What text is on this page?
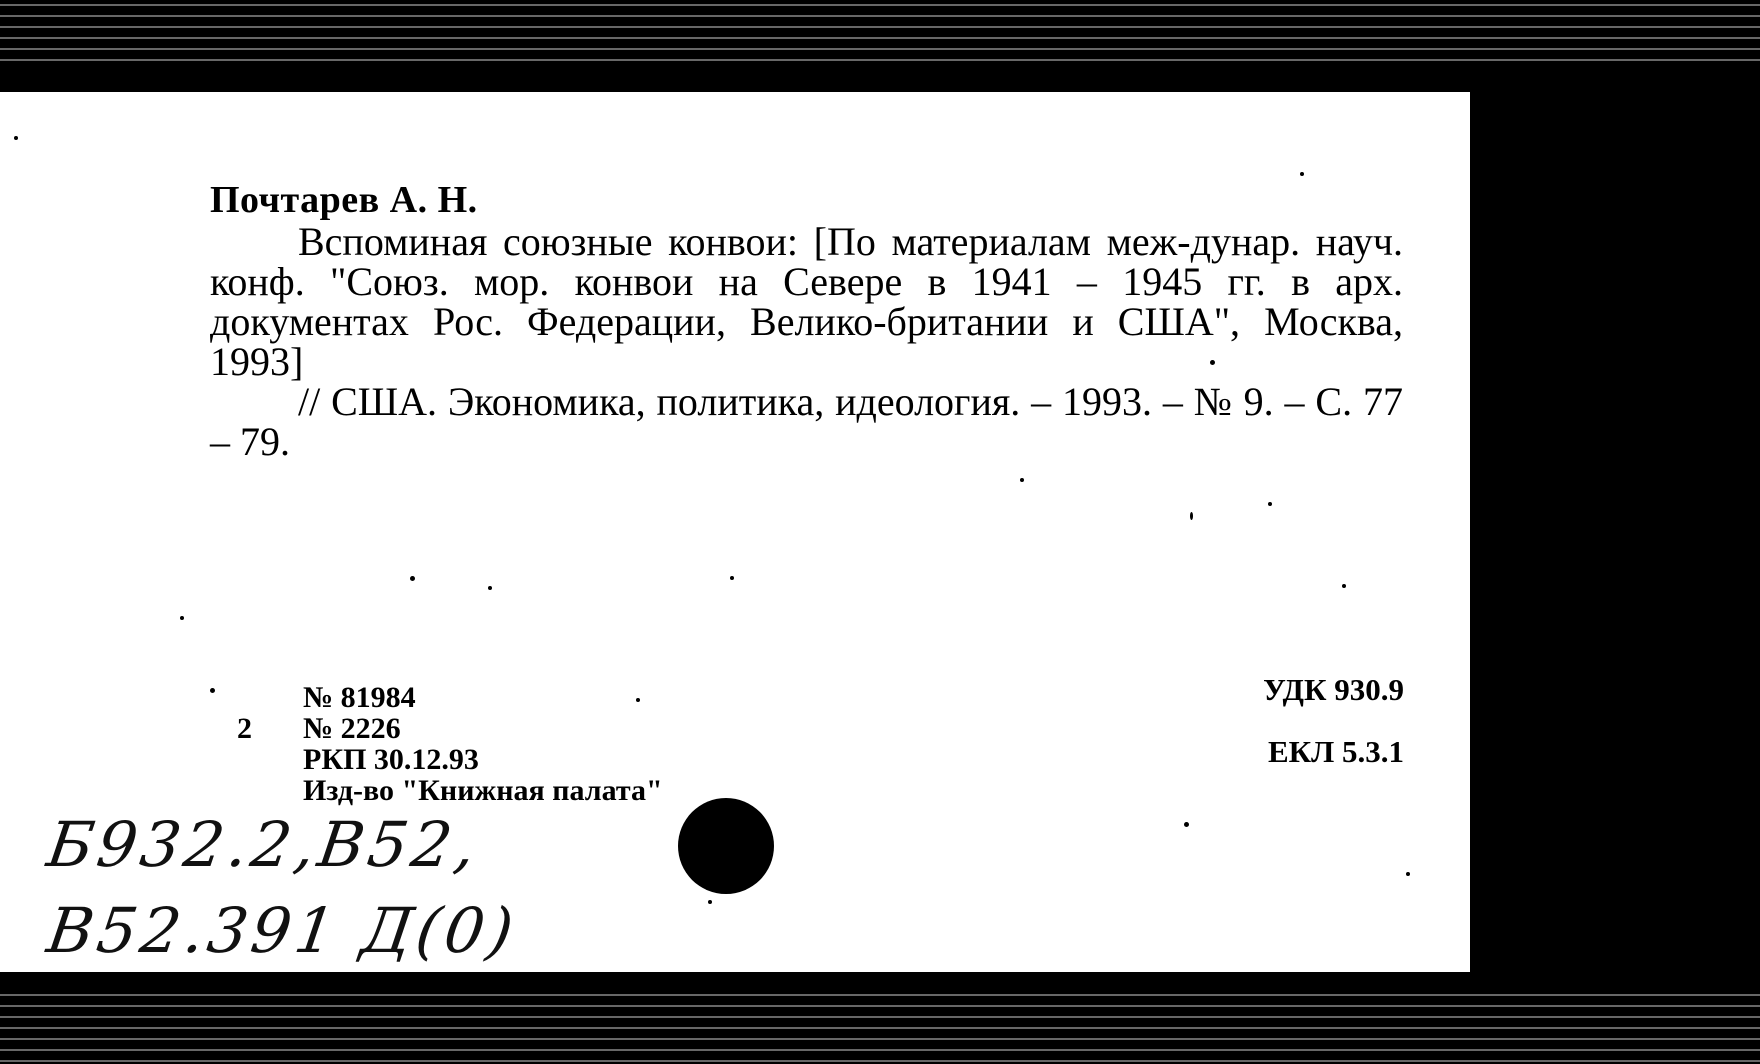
Почтарев А. Н.

Вспоминая союзные конвои: [По материалам меж-дунар. науч. конф. "Союз. мор. конвои на Севере в 1941 – 1945 гг. в арх. документах Рос. Федерации, Велико-британии и США", Москва, 1993]

// США. Экономика, политика, идеология. – 1993. – № 9. – С. 77 – 79.

2
№ 81984
№ 2226
РКП 30.12.93
Изд-во "Книжная палата"
УДК 930.9
ЕКЛ 5.3.1
Б932.2,В52,
В52.391 Д(0)
